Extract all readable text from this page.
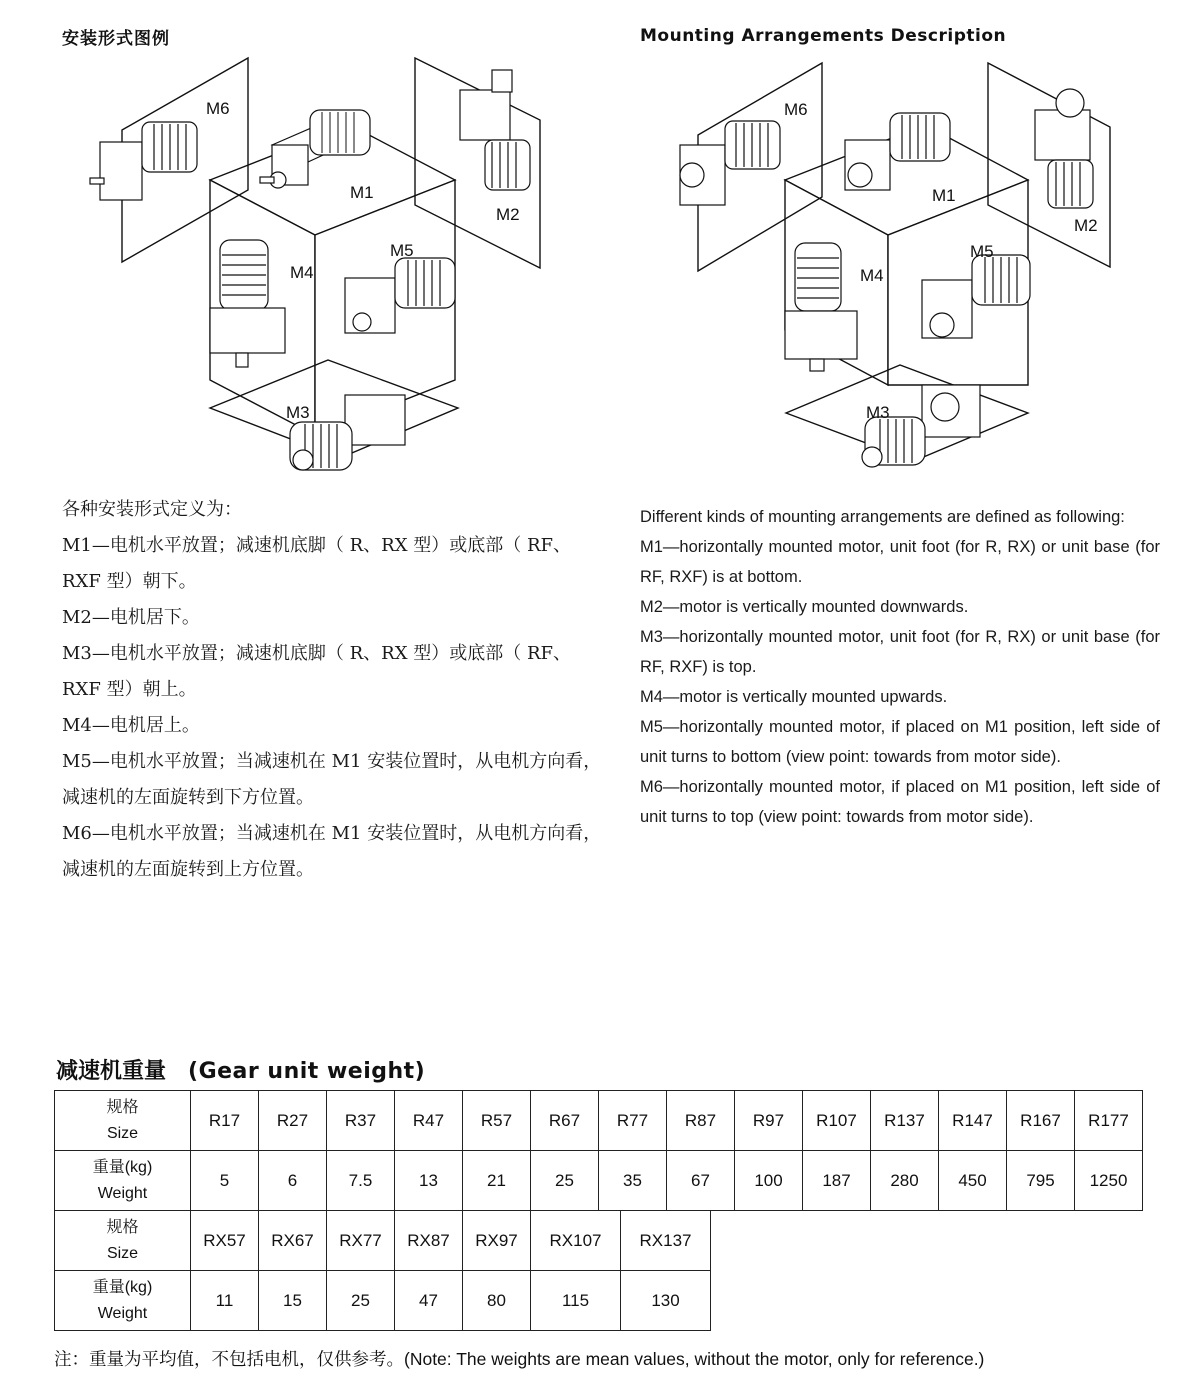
安装形式图例	Mounting Arrangements Description
M6
M1
M2
M5
M4
M3
M6
M1
M2
M5
M4
M3

各种安装形式定义为：

M1—电机水平放置；减速机底脚（ R、RX 型）或底部（ RF、RXF 型）朝下。

M2—电机居下。

M3—电机水平放置；减速机底脚（ R、RX 型）或底部（ RF、RXF 型）朝上。

M4—电机居上。

M5—电机水平放置；当减速机在 M1 安装位置时，从电机方向看，减速机的左面旋转到下方位置。

M6—电机水平放置；当减速机在 M1 安装位置时，从电机方向看，减速机的左面旋转到上方位置。

Different kinds of mounting arrangements are defined as following:

M1—horizontally mounted motor, unit foot (for R, RX) or unit base (for RF, RXF) is at bottom.

M2—motor is vertically mounted downwards.

M3—horizontally mounted motor, unit foot (for R, RX) or unit base (for RF, RXF) is top.

M4—motor is vertically mounted upwards.

M5—horizontally mounted motor, if placed on M1 position, left side of unit turns to bottom (view point: towards from motor side).

M6—horizontally mounted motor, if placed on M1 position, left side of unit turns to top (view point: towards from motor side).

减速机重量 (Gear unit weight)
规格
Size	R17	R27	R37	R47	R57	R67	R77	R87	R97	R107	R137	R147	R167	R177
重量(kg)
Weight	5	6	7.5	13	21	25	35	67	100	187	280	450	795	1250
规格
Size	RX57	RX67	RX77	RX87	RX97	RX107	RX137
重量(kg)
Weight	11	15	25	47	80	115	130
注：重量为平均值，不包括电机，仅供参考。(Note: The weights are mean values, without the motor, only for reference.)
